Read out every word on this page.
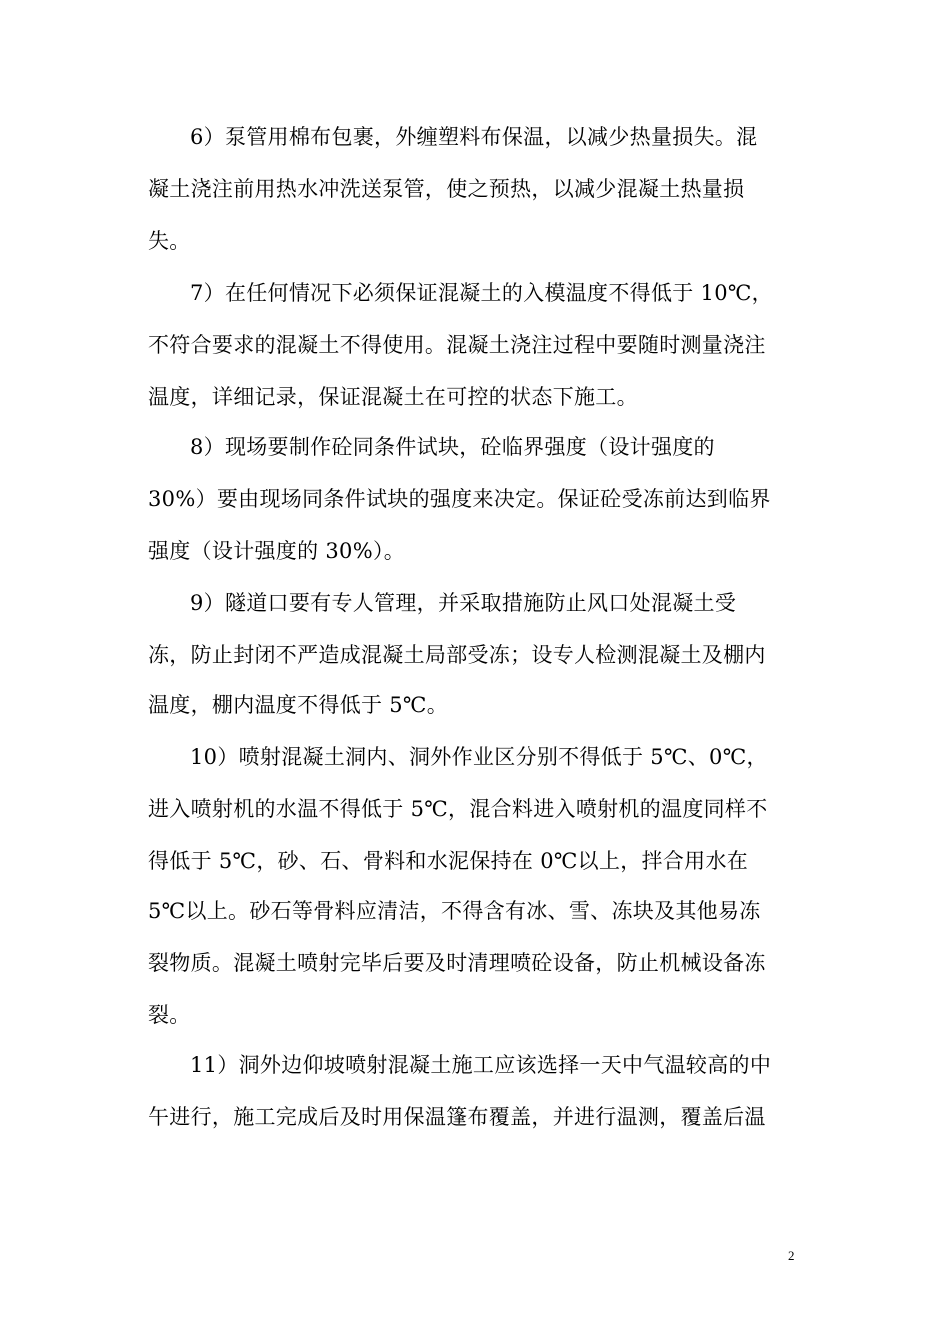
6）泵管用棉布包裹，外缠塑料布保温，以减少热量损失。混
凝土浇注前用热水冲洗送泵管，使之预热，以减少混凝土热量损
失。
7）在任何情况下必须保证混凝土的入模温度不得低于 10℃，
不符合要求的混凝土不得使用。混凝土浇注过程中要随时测量浇注
温度，详细记录，保证混凝土在可控的状态下施工。
8）现场要制作砼同条件试块，砼临界强度（设计强度的
30%）要由现场同条件试块的强度来决定。保证砼受冻前达到临界
强度（设计强度的 30%）。
9）隧道口要有专人管理，并采取措施防止风口处混凝土受
冻，防止封闭不严造成混凝土局部受冻；设专人检测混凝土及棚内
温度，棚内温度不得低于 5℃。
10）喷射混凝土洞内、洞外作业区分别不得低于 5℃、0℃，
进入喷射机的水温不得低于 5℃，混合料进入喷射机的温度同样不
得低于 5℃，砂、石、骨料和水泥保持在 0℃以上，拌合用水在
5℃以上。砂石等骨料应清洁，不得含有冰、雪、冻块及其他易冻
裂物质。混凝土喷射完毕后要及时清理喷砼设备，防止机械设备冻
裂。
11）洞外边仰坡喷射混凝土施工应该选择一天中气温较高的中
午进行，施工完成后及时用保温篷布覆盖，并进行温测，覆盖后温
2
